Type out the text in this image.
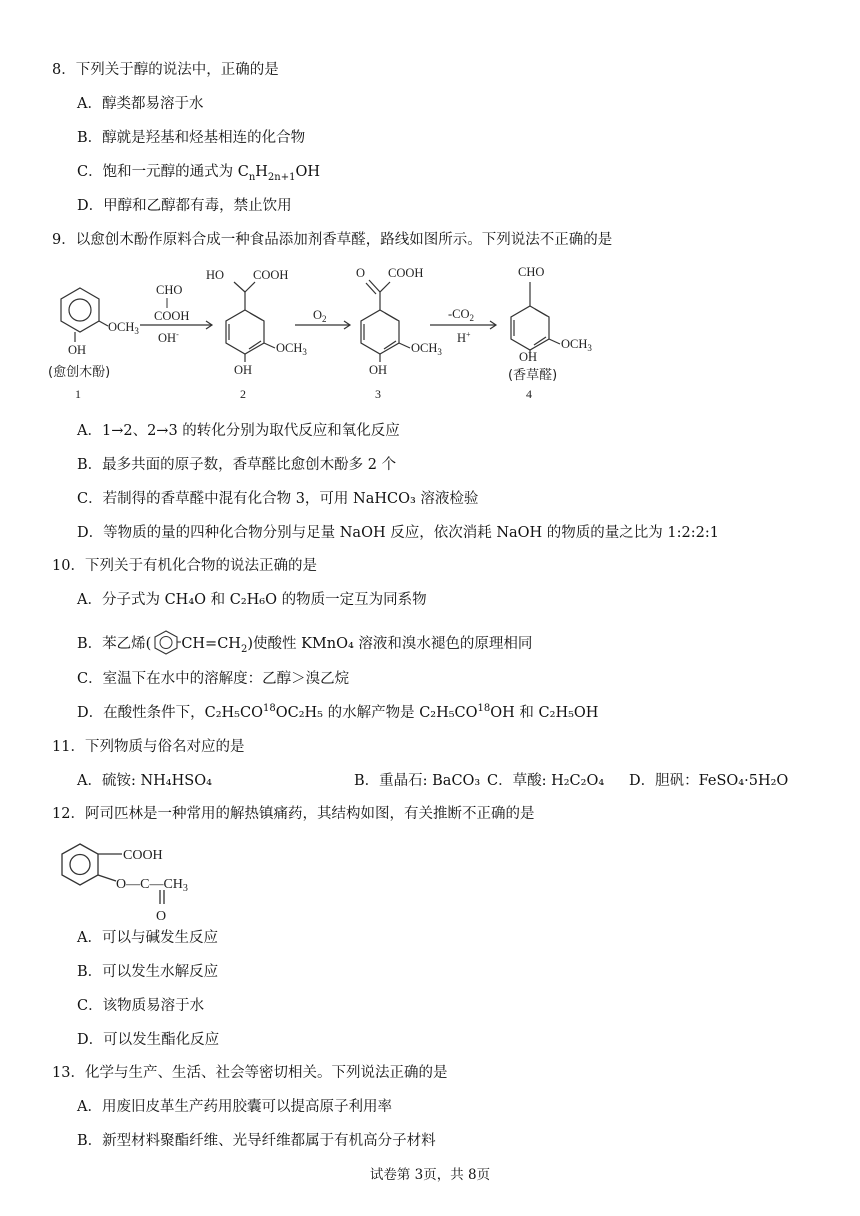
8．下列关于醇的说法中，正确的是
A．醇类都易溶于水
B．醇就是羟基和烃基相连的化合物
C．饱和一元醇的通式为 $C_nH_{2n+1}OH$
D．甲醇和乙醇都有毒，禁止饮用
9．以愈创木酚作原料合成一种食品添加剂香草醛，路线如图所示。下列说法不正确的是
$OCH_3$
OH
(愈创木酚)
1
CHO
COOH
OH-
HO COOH
$OCH_3$
OH
2
$O_2$
O COOH
$OCH_3$
OH
3
$-CO_2$
H+
CHO
$OCH_3$
OH
(香草醛)
4
A．1→2、2→3 的转化分别为取代反应和氧化反应
B．最多共面的原子数，香草醛比愈创木酚多 2 个
C．若制得的香草醛中混有化合物 3，可用 NaHCO₃ 溶液检验
D．等物质的量的四种化合物分别与足量 NaOH 反应，依次消耗 NaOH 的物质的量之比为 1:2:2:1
10．下列关于有机化合物的说法正确的是
A．分子式为 CH₄O 和 C₂H₆O 的物质一定互为同系物
B．苯乙烯( $CH=CH_2$)使酸性 KMnO₄ 溶液和溴水褪色的原理相同
C．室温下在水中的溶解度：乙醇＞溴乙烷
D．在酸性条件下，C₂H₅CO$^{18}$OC₂H₅ 的水解产物是 C₂H₅CO$^{18}$OH 和 C₂H₅OH
11．下列物质与俗名对应的是
A．硫铵: NH₄HSO₄	B．重晶石: BaCO₃ C．草酸: H₂C₂O₄ D．胆矾：FeSO₄·5H₂O
12．阿司匹林是一种常用的解热镇痛药，其结构如图，有关推断不正确的是
COOH
$O—C—CH_3$
O
A．可以与碱发生反应
B．可以发生水解反应
C．该物质易溶于水
D．可以发生酯化反应
13．化学与生产、生活、社会等密切相关。下列说法正确的是
A．用废旧皮革生产药用胶囊可以提高原子利用率
B．新型材料聚酯纤维、光导纤维都属于有机高分子材料
试卷第 3页，共 8页
